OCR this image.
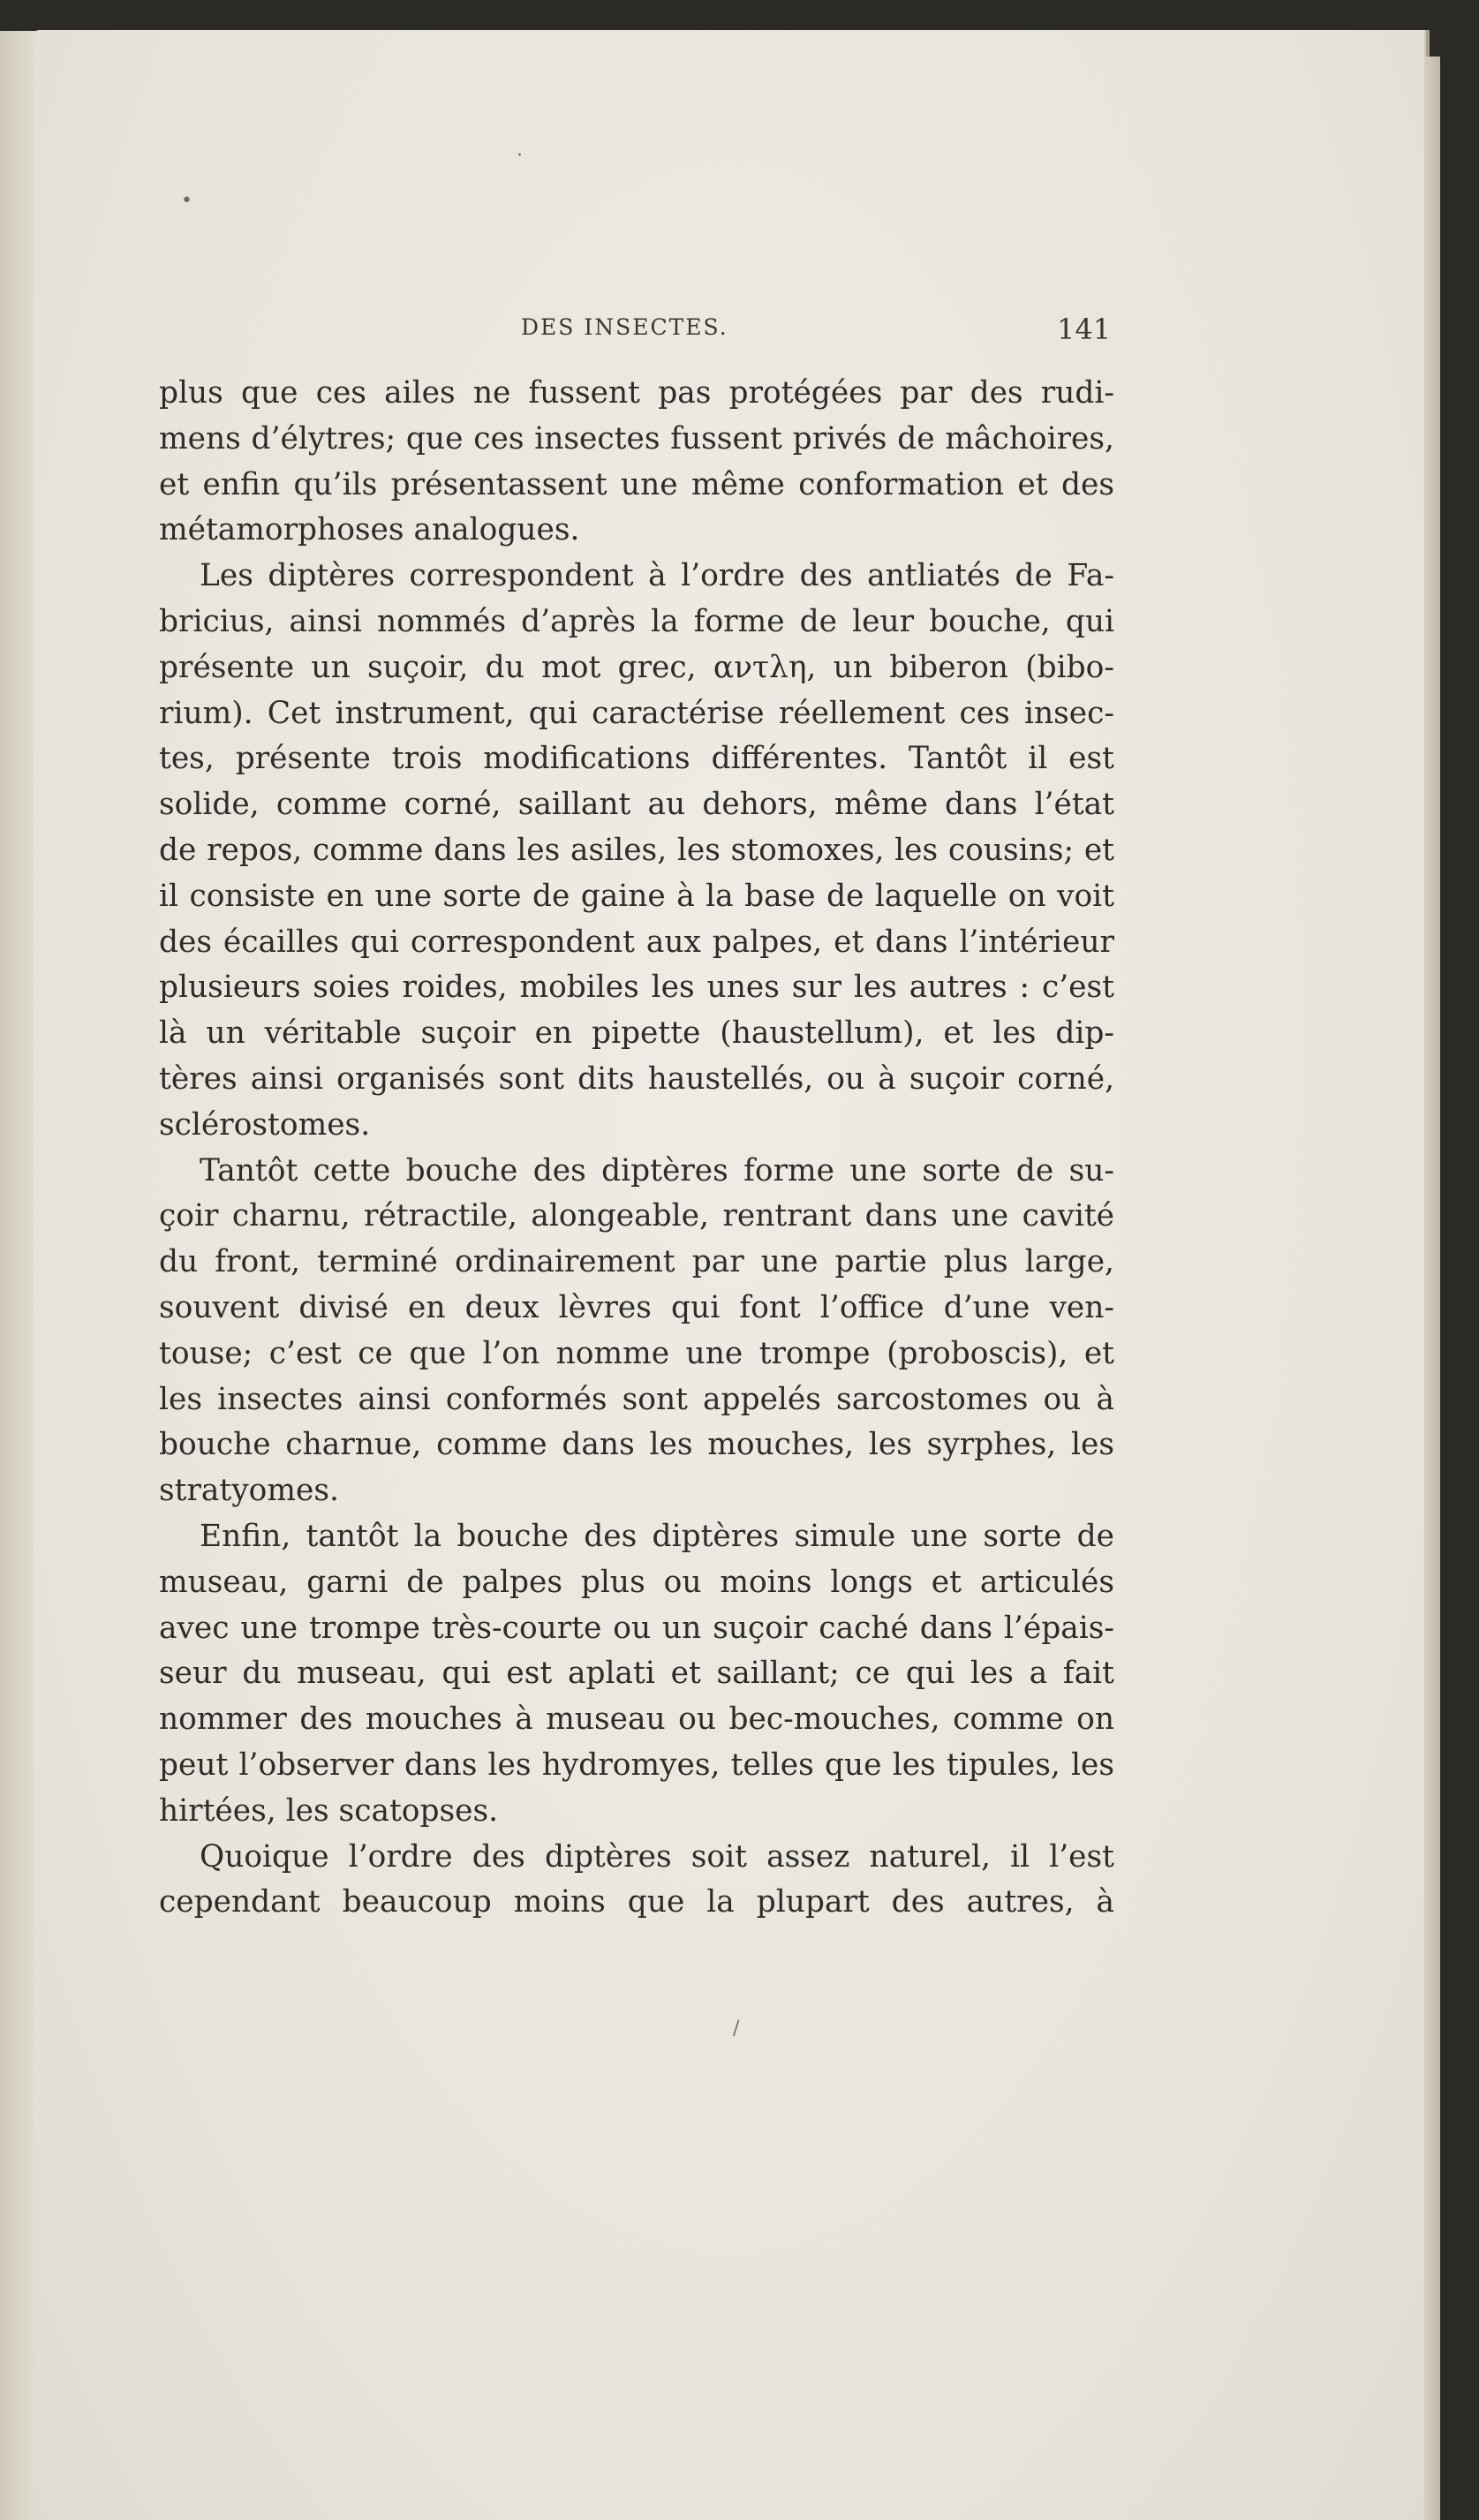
DES INSECTES.	141
plus que ces ailes ne fussent pas protégées par des rudi-
mens d’élytres; que ces insectes fussent privés de mâchoires,
et enfin qu’ils présentassent une même conformation et des
métamorphoses analogues.
Les diptères correspondent à l’ordre des antliatés de Fa-
bricius, ainsi nommés d’après la forme de leur bouche, qui
présente un suçoir, du mot grec, αντλη, un biberon (bibo-
rium). Cet instrument, qui caractérise réellement ces insec-
tes, présente trois modifications différentes. Tantôt il est
solide, comme corné, saillant au dehors, même dans l’état
de repos, comme dans les asiles, les stomoxes, les cousins; et
il consiste en une sorte de gaine à la base de laquelle on voit
des écailles qui correspondent aux palpes, et dans l’intérieur
plusieurs soies roides, mobiles les unes sur les autres : c’est
là un véritable suçoir en pipette (haustellum), et les dip-
tères ainsi organisés sont dits haustellés, ou à suçoir corné,
sclérostomes.
Tantôt cette bouche des diptères forme une sorte de su-
çoir charnu, rétractile, alongeable, rentrant dans une cavité
du front, terminé ordinairement par une partie plus large,
souvent divisé en deux lèvres qui font l’office d’une ven-
touse; c’est ce que l’on nomme une trompe (proboscis), et
les insectes ainsi conformés sont appelés sarcostomes ou à
bouche charnue, comme dans les mouches, les syrphes, les
stratyomes.
Enfin, tantôt la bouche des diptères simule une sorte de
museau, garni de palpes plus ou moins longs et articulés
avec une trompe très-courte ou un suçoir caché dans l’épais-
seur du museau, qui est aplati et saillant; ce qui les a fait
nommer des mouches à museau ou bec-mouches, comme on
peut l’observer dans les hydromyes, telles que les tipules, les
hirtées, les scatopses.
Quoique l’ordre des diptères soit assez naturel, il l’est
cependant beaucoup moins que la plupart des autres, à
•
·
/
